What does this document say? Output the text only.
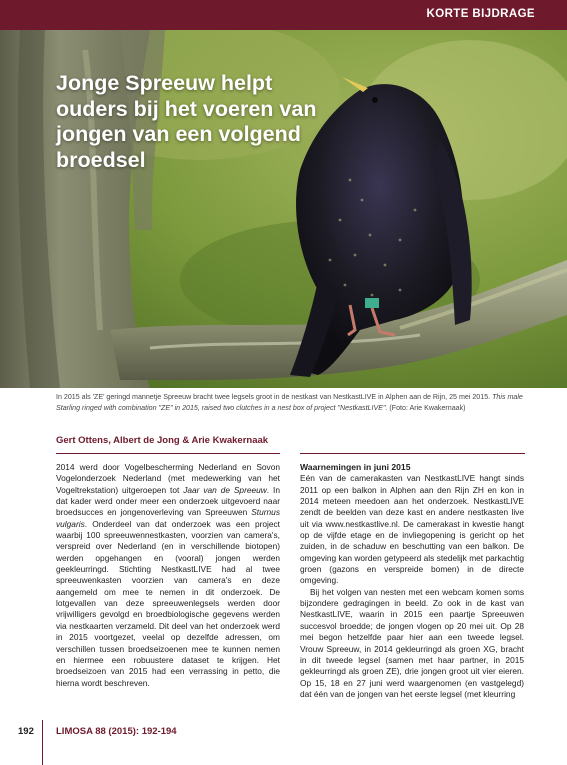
KORTE BIJDRAGE
Jonge Spreeuw helpt ouders bij het voeren van jongen van een volgend broedsel
In 2015 als 'ZE' geringd mannetje Spreeuw bracht twee legsels groot in de nestkast van NestkastLIVE in Alphen aan de Rijn, 25 mei 2015. This male Starling ringed with combination "ZE" in 2015, raised two clutches in a nest box of project "NestkastLIVE". (Foto: Arie Kwakernaak)
Gert Ottens, Albert de Jong & Arie Kwakernaak

2014 werd door Vogelbescherming Nederland en Sovon Vogelonderzoek Nederland (met medewerking van het Vogeltrekstation) uitgeroepen tot Jaar van de Spreeuw. In dat kader werd onder meer een onderzoek uitgevoerd naar broedsucces en jongenoverleving van Spreeuwen Sturnus vulgaris. Onderdeel van dat onderzoek was een project waarbij 100 spreeuwennestkasten, voorzien van camera's, verspreid over Nederland (en in verschillende biotopen) werden opgehangen en (vooral) jongen werden geekleurringd. Stichting NestkastLIVE had al twee spreeuwenkasten voorzien van camera's en deze aangemeld om mee te nemen in dit onderzoek. De lotgevallen van deze spreeuwenlegsels werden door vrijwilligers gevolgd en broedbiologische gegevens werden via nestkaarten verzameld. Dit deel van het onderzoek werd in 2015 voortgezet, veelal op dezelfde adressen, om verschillen tussen broedseizoenen mee te kunnen nemen en hiermee een robuustere dataset te krijgen. Het broedseizoen van 2015 had een verrassing in petto, die hierna wordt beschreven.

Waarnemingen in juni 2015

Eén van de camerakasten van NestkastLIVE hangt sinds 2011 op een balkon in Alphen aan den Rijn ZH en kon in 2014 meteen meedoen aan het onderzoek. NestkastLIVE zendt de beelden van deze kast en andere nestkasten live uit via www.nestkastlive.nl. De camerakast in kwestie hangt op de vijfde etage en de invliegopening is gericht op het zuiden, in de schaduw en beschutting van een balkon. De omgeving kan worden getypeerd als stedelijk met parkachtig groen (gazons en verspreide bomen) in de directe omgeving.

Bij het volgen van nesten met een webcam komen soms bijzondere gedragingen in beeld. Zo ook in de kast van NestkastLIVE, waarin in 2015 een paartje Spreeuwen succesvol broedde; de jongen vlogen op 20 mei uit. Op 28 mei begon hetzelfde paar hier aan een tweede legsel. Vrouw Spreeuw, in 2014 gekleurringd als groen XG, bracht in dit tweede legsel (samen met haar partner, in 2015 gekleurringd als groen ZE), drie jongen groot uit vier eieren. Op 15, 18 en 27 juni werd waargenomen (en vastgelegd) dat één van de jongen van het eerste legsel (met kleurring

192 LIMOSA 88 (2015): 192-194
